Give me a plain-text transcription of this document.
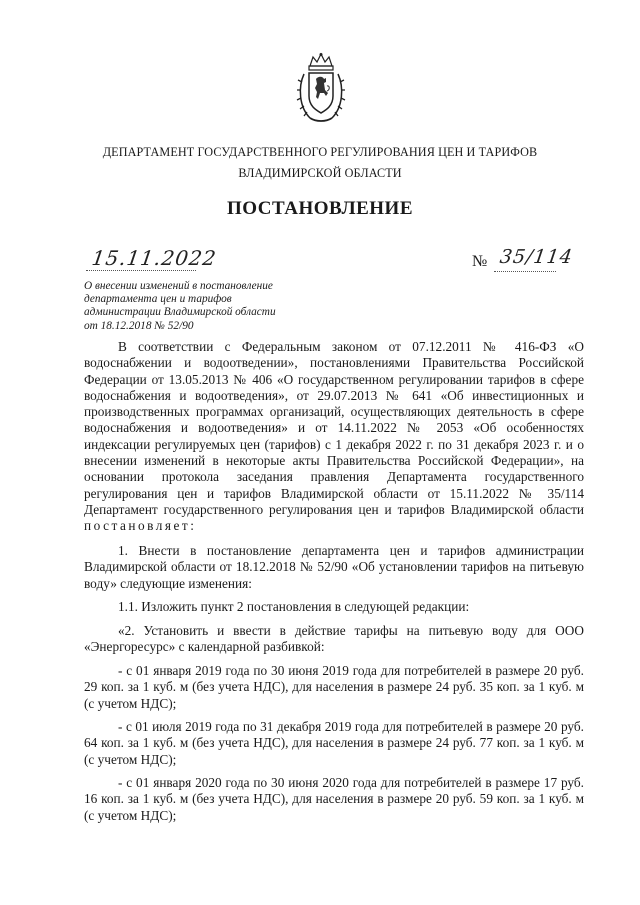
ДЕПАРТАМЕНТ ГОСУДАРСТВЕННОГО РЕГУЛИРОВАНИЯ ЦЕН И ТАРИФОВ
ВЛАДИМИРСКОЙ ОБЛАСТИ
ПОСТАНОВЛЕНИЕ
15.11.2022	№ 35/114
О внесении изменений в постановление
департамента цен и тарифов
администрации Владимирской области
от 18.12.2018 № 52/90
В соответствии с Федеральным законом от 07.12.2011 № 416-ФЗ «О водоснабжении и водоотведении», постановлениями Правительства Российской Федерации от 13.05.2013 № 406 «О государственном регулировании тарифов в сфере водоснабжения и водоотведения», от 29.07.2013 № 641 «Об инвестиционных и производственных программах организаций, осуществляющих деятельность в сфере водоснабжения и водоотведения» и от 14.11.2022 № 2053 «Об особенностях индексации регулируемых цен (тарифов) с 1 декабря 2022 г. по 31 декабря 2023 г. и о внесении изменений в некоторые акты Правительства Российской Федерации», на основании протокола заседания правления Департамента государственного регулирования цен и тарифов Владимирской области от 15.11.2022 № 35/114 Департамент государственного регулирования цен и тарифов Владимирской области постановляет:
1. Внести в постановление департамента цен и тарифов администрации Владимирской области от 18.12.2018 № 52/90 «Об установлении тарифов на питьевую воду» следующие изменения:
1.1. Изложить пункт 2 постановления в следующей редакции:
«2. Установить и ввести в действие тарифы на питьевую воду для ООО «Энергоресурс» с календарной разбивкой:
- с 01 января 2019 года по 30 июня 2019 года для потребителей в размере 20 руб. 29 коп. за 1 куб. м (без учета НДС), для населения в размере 24 руб. 35 коп. за 1 куб. м (с учетом НДС);
- с 01 июля 2019 года по 31 декабря 2019 года для потребителей в размере 20 руб. 64 коп. за 1 куб. м (без учета НДС), для населения в размере 24 руб. 77 коп. за 1 куб. м (с учетом НДС);
- с 01 января 2020 года по 30 июня 2020 года для потребителей в размере 17 руб. 16 коп. за 1 куб. м (без учета НДС), для населения в размере 20 руб. 59 коп. за 1 куб. м (с учетом НДС);
